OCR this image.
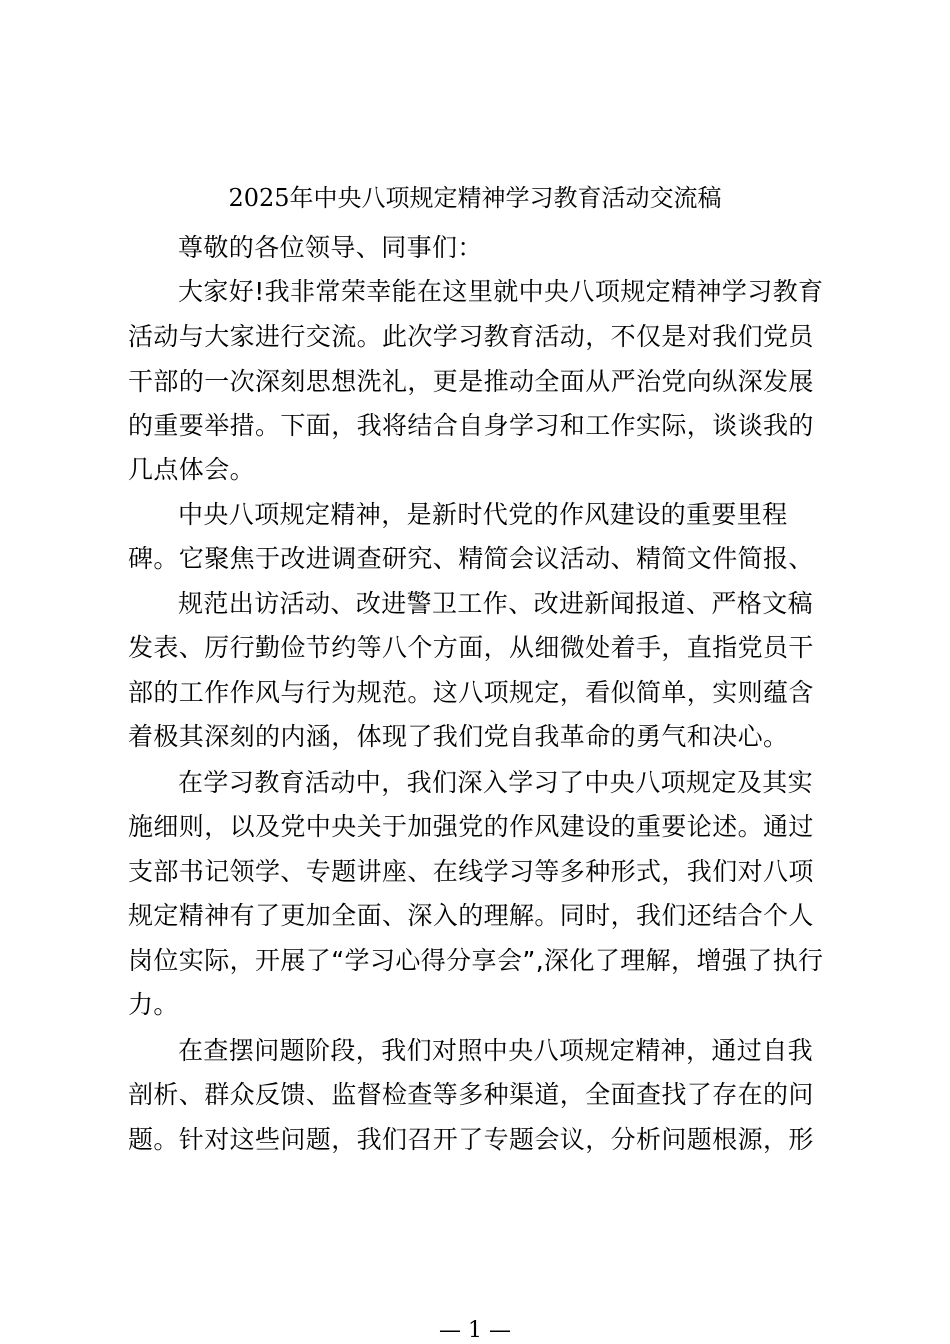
2025年中央八项规定精神学习教育活动交流稿
尊敬的各位领导、同事们：
大家好!我非常荣幸能在这里就中央八项规定精神学习教育
活动与大家进行交流。此次学习教育活动，不仅是对我们党员
干部的一次深刻思想洗礼，更是推动全面从严治党向纵深发展
的重要举措。下面，我将结合自身学习和工作实际，谈谈我的
几点体会。
中央八项规定精神，是新时代党的作风建设的重要里程
碑。它聚焦于改进调查研究、精简会议活动、精简文件简报、
规范出访活动、改进警卫工作、改进新闻报道、严格文稿
发表、厉行勤俭节约等八个方面，从细微处着手，直指党员干
部的工作作风与行为规范。这八项规定，看似简单，实则蕴含
着极其深刻的内涵，体现了我们党自我革命的勇气和决心。
在学习教育活动中，我们深入学习了中央八项规定及其实
施细则，以及党中央关于加强党的作风建设的重要论述。通过
支部书记领学、专题讲座、在线学习等多种形式，我们对八项
规定精神有了更加全面、深入的理解。同时，我们还结合个人
岗位实际，开展了“学习心得分享会”,深化了理解，增强了执行
力。
在查摆问题阶段，我们对照中央八项规定精神，通过自我
剖析、群众反馈、监督检查等多种渠道，全面查找了存在的问
题。针对这些问题，我们召开了专题会议，分析问题根源，形
— 1 —
